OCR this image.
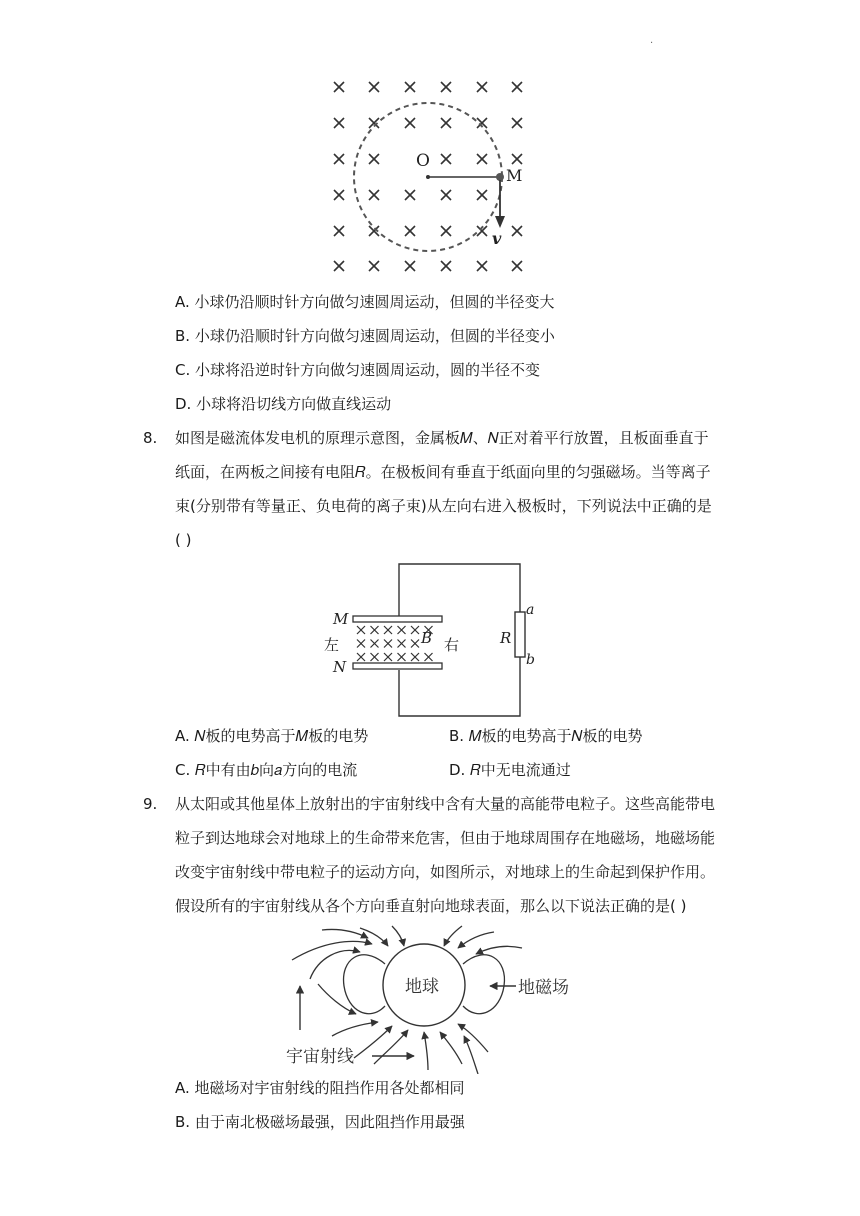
·
O
M
v
A. 小球仍沿顺时针方向做匀速圆周运动，但圆的半径变大
B. 小球仍沿顺时针方向做匀速圆周运动，但圆的半径变小
C. 小球将沿逆时针方向做匀速圆周运动，圆的半径不变
D. 小球将沿切线方向做直线运动
8. 如图是磁流体发电机的原理示意图，金属板𝑀、𝑁正对着平行放置，且板面垂直于
纸面，在两板之间接有电阻𝑅。在极板间有垂直于纸面向里的匀强磁场。当等离子
束(分别带有等量正、负电荷的离子束)从左向右进入极板时，下列说法中正确的是
( )
M
N
左	右
B	R
a
b
A. 𝑁板的电势高于𝑀板的电势	B. 𝑀板的电势高于𝑁板的电势
C. 𝑅中有由𝑏向𝑎方向的电流	D. 𝑅中无电流通过
9. 从太阳或其他星体上放射出的宇宙射线中含有大量的高能带电粒子。这些高能带电
粒子到达地球会对地球上的生命带来危害，但由于地球周围存在地磁场，地磁场能
改变宇宙射线中带电粒子的运动方向，如图所示，对地球上的生命起到保护作用。
假设所有的宇宙射线从各个方向垂直射向地球表面，那么以下说法正确的是( )
地球	地磁场
宇宙射线
A. 地磁场对宇宙射线的阻挡作用各处都相同
B. 由于南北极磁场最强，因此阻挡作用最强
